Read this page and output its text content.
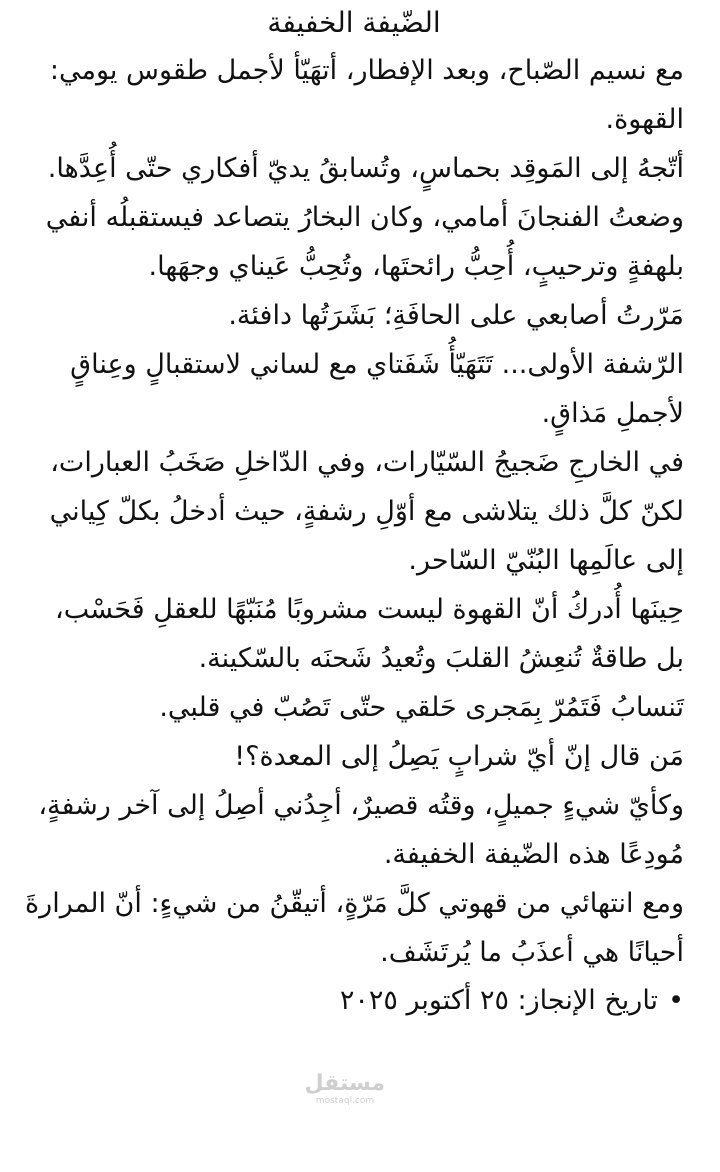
الضّيفة الخفيفة

مع نسيم الصّباح، وبعد الإفطار، أتهَيّأ لأجمل طقوس يومي: القهوة.

أتّجهُ إلى المَوقِد بحماسٍ، وتُسابقُ يديّ أفكاري حتّى أُعِدَّها.

وضعتُ الفنجانَ أمامي، وكان البخارُ يتصاعد فيستقبلُه أنفي بلهفةٍ وترحيبٍ، أُحِبُّ رائحتَها، وتُحِبُّ عَيناي وجهَها.

مَرّرتُ أصابعي على الحافَةِ؛ بَشَرَتُها دافئة.

الرّشفة الأولى... تَتَهَيّأُ شَفَتاي مع لساني لاستقبالٍ وعِناقٍ لأجملِ مَذاقٍ.

في الخارجِ ضَجيجُ السّيّارات، وفي الدّاخلِ صَخَبُ العبارات، لكنّ كلَّ ذلك يتلاشى مع أوّلِ رشفةٍ، حيث أدخلُ بكلّ كِياني إلى عالَمِها البُنّيّ السّاحر.

حِينَها أُدركُ أنّ القهوة ليست مشروبًا مُنَبّهًا للعقلِ فَحَسْب، بل طاقةٌ تُنعِشُ القلبَ وتُعيدُ شَحنَه بالسّكينة.

تَنسابُ فَتَمُرّ بِمَجرى حَلقي حتّى تَصُبّ في قلبي.

مَن قال إنّ أيّ شرابٍ يَصِلُ إلى المعدة؟!

وكأيّ شيءٍ جميلٍ، وقتُه قصيرٌ، أجِدُني أصِلُ إلى آخر رشفةٍ، مُودِعًا هذه الضّيفة الخفيفة.

ومع انتهائي من قهوتي كلَّ مَرّةٍ، أتيقّنُ من شيءٍ: أنّ المرارةَ أحيانًا هي أعذَبُ ما يُرتَشَف.

•تاريخ الإنجاز: ٢٥ أكتوبر ٢٠٢٥

مستقل
mostaql.com
